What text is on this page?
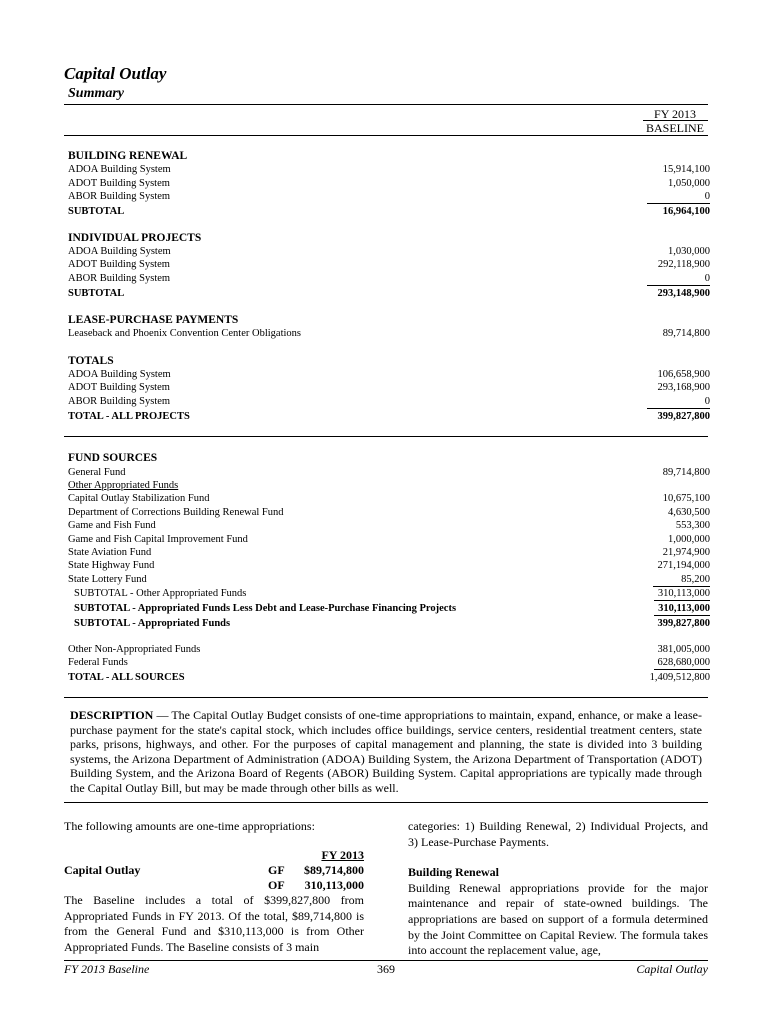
Capital Outlay
Summary
FY 2013
BASELINE
BUILDING RENEWAL
ADOA Building System	15,914,100
ADOT Building System	1,050,000
ABOR Building System	0
SUBTOTAL	16,964,100
INDIVIDUAL PROJECTS
ADOA Building System	1,030,000
ADOT Building System	292,118,900
ABOR Building System	0
SUBTOTAL	293,148,900
LEASE-PURCHASE PAYMENTS
Leaseback and Phoenix Convention Center Obligations	89,714,800
TOTALS
ADOA Building System	106,658,900
ADOT Building System	293,168,900
ABOR Building System	0
TOTAL - ALL PROJECTS	399,827,800
FUND SOURCES
General Fund	89,714,800
Other Appropriated Funds
Capital Outlay Stabilization Fund	10,675,100
Department of Corrections Building Renewal Fund	4,630,500
Game and Fish Fund	553,300
Game and Fish Capital Improvement Fund	1,000,000
State Aviation Fund	21,974,900
State Highway Fund	271,194,000
State Lottery Fund	85,200
SUBTOTAL - Other Appropriated Funds	310,113,000
SUBTOTAL - Appropriated Funds Less Debt and Lease-Purchase Financing Projects	310,113,000
SUBTOTAL - Appropriated Funds	399,827,800
Other Non-Appropriated Funds	381,005,000
Federal Funds	628,680,000
TOTAL - ALL SOURCES	1,409,512,800

DESCRIPTION — The Capital Outlay Budget consists of one-time appropriations to maintain, expand, enhance, or make a lease-purchase payment for the state's capital stock, which includes office buildings, service centers, residential treatment centers, state parks, prisons, highways, and other. For the purposes of capital management and planning, the state is divided into 3 building systems, the Arizona Department of Administration (ADOA) Building System, the Arizona Department of Transportation (ADOT) Building System, and the Arizona Board of Regents (ABOR) Building System. Capital appropriations are typically made through the Capital Outlay Bill, but may be made through other bills as well.

The following amounts are one-time appropriations:

FY 2013
Capital Outlay	GF $89,714,800
OF 310,113,000

The Baseline includes a total of $399,827,800 from Appropriated Funds in FY 2013. Of the total, $89,714,800 is from the General Fund and $310,113,000 is from Other Appropriated Funds. The Baseline consists of 3 main

categories: 1) Building Renewal, 2) Individual Projects, and 3) Lease-Purchase Payments.

Building Renewal

Building Renewal appropriations provide for the major maintenance and repair of state-owned buildings. The appropriations are based on support of a formula determined by the Joint Committee on Capital Review. The formula takes into account the replacement value, age,

FY 2013 Baseline	369	Capital Outlay
